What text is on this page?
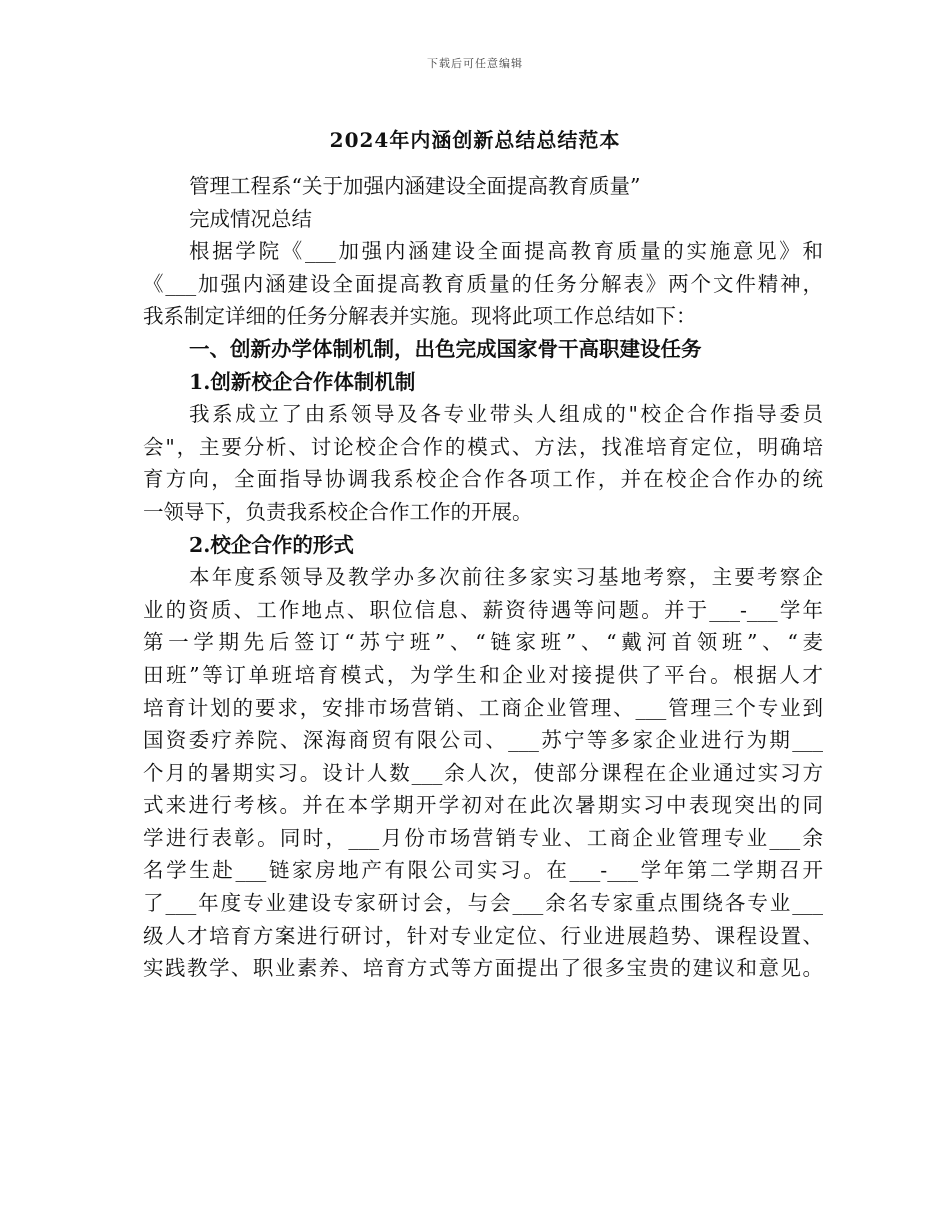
下载后可任意编辑
2024年内涵创新总结总结范本
管理工程系“关于加强内涵建设全面提高教育质量”
完成情况总结
根据学院《___加强内涵建设全面提高教育质量的实施意见》和
《___加强内涵建设全面提高教育质量的任务分解表》两个文件精神，
我系制定详细的任务分解表并实施。现将此项工作总结如下：
一、创新办学体制机制，出色完成国家骨干高职建设任务
1.创新校企合作体制机制
我系成立了由系领导及各专业带头人组成的"校企合作指导委员
会"，主要分析、讨论校企合作的模式、方法，找准培育定位，明确培
育方向，全面指导协调我系校企合作各项工作，并在校企合作办的统
一领导下，负责我系校企合作工作的开展。
2.校企合作的形式
本年度系领导及教学办多次前往多家实习基地考察，主要考察企
业的资质、工作地点、职位信息、薪资待遇等问题。并于___-___学年
第一学期先后签订“苏宁班”、“链家班”、“戴河首领班”、“麦
田班”等订单班培育模式，为学生和企业对接提供了平台。根据人才
培育计划的要求，安排市场营销、工商企业管理、___管理三个专业到
国资委疗养院、深海商贸有限公司、___苏宁等多家企业进行为期___
个月的暑期实习。设计人数___余人次，使部分课程在企业通过实习方
式来进行考核。并在本学期开学初对在此次暑期实习中表现突出的同
学进行表彰。同时，___月份市场营销专业、工商企业管理专业___余
名学生赴___链家房地产有限公司实习。在___-___学年第二学期召开
了___年度专业建设专家研讨会，与会___余名专家重点围绕各专业___
级人才培育方案进行研讨，针对专业定位、行业进展趋势、课程设置、
实践教学、职业素养、培育方式等方面提出了很多宝贵的建议和意见。
